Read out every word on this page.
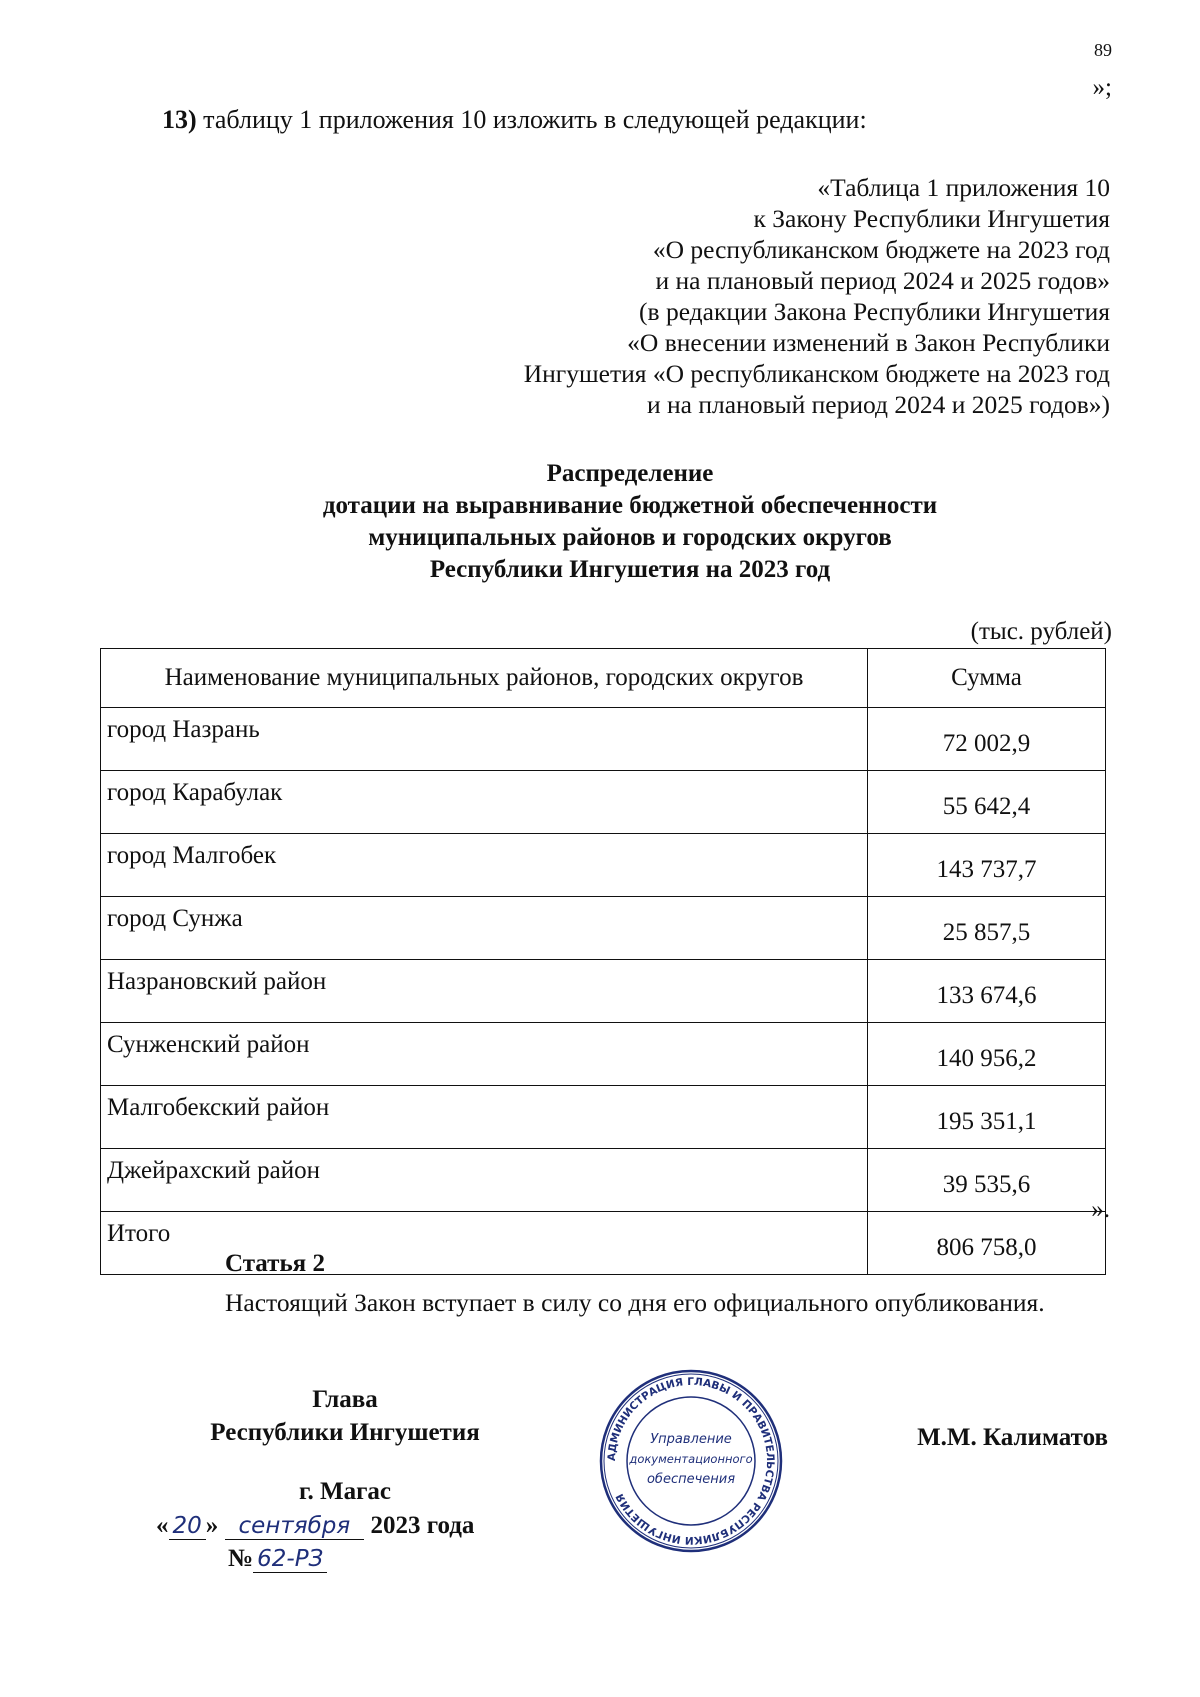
89
»;
13) таблицу 1 приложения 10 изложить в следующей редакции:
«Таблица 1 приложения 10
к Закону Республики Ингушетия
«О республиканском бюджете на 2023 год
и на плановый период 2024 и 2025 годов»
(в редакции Закона Республики Ингушетия
«О внесении изменений в Закон Республики
Ингушетия «О республиканском бюджете на 2023 год
и на плановый период 2024 и 2025 годов»)
Распределение
дотации на выравнивание бюджетной обеспеченности
муниципальных районов и городских округов
Республики Ингушетия на 2023 год
(тыс. рублей)
Наименование муниципальных районов, городских округов	Сумма
город Назрань	72 002,9
город Карабулак	55 642,4
город Малгобек	143 737,7
город Сунжа	25 857,5
Назрановский район	133 674,6
Сунженский район	140 956,2
Малгобекский район	195 351,1
Джейрахский район	39 535,6
Итого	806 758,0
».
Статья 2
Настоящий Закон вступает в силу со дня его официального опубликования.
Глава
Республики Ингушетия	М.М. Калиматов
г. Магас
« 20 » сентября 2023 года
№ 62-РЗ
АДМИНИСТРАЦИЯ ГЛАВЫ И ПРАВИТЕЛЬСТВА РЕСПУБЛИКИ ИНГУШЕТИЯ
Управление
документационного
обеспечения
